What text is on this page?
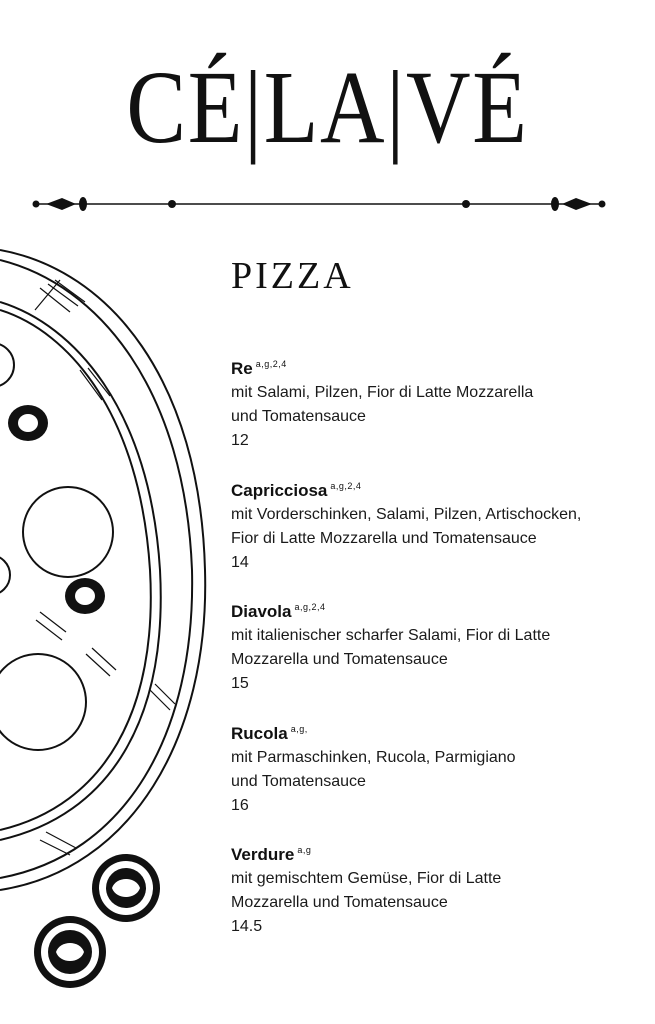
CÉ|LA|VÉ
PIZZA
Re $^{a,g,2,4}$
mit Salami, Pilzen, Fior di Latte Mozzarella
und Tomatensauce
12
Capricciosa $^{a,g,2,4}$
mit Vorderschinken, Salami, Pilzen, Artischocken,
Fior di Latte Mozzarella und Tomatensauce
14
Diavola $^{a,g,2,4}$
mit italienischer scharfer Salami, Fior di Latte
Mozzarella und Tomatensauce
15
Rucola $^{a,g,}$
mit Parmaschinken, Rucola, Parmigiano
und Tomatensauce
16
Verdure $^{a,g}$
mit gemischtem Gemüse, Fior di Latte
Mozzarella und Tomatensauce
14.5
